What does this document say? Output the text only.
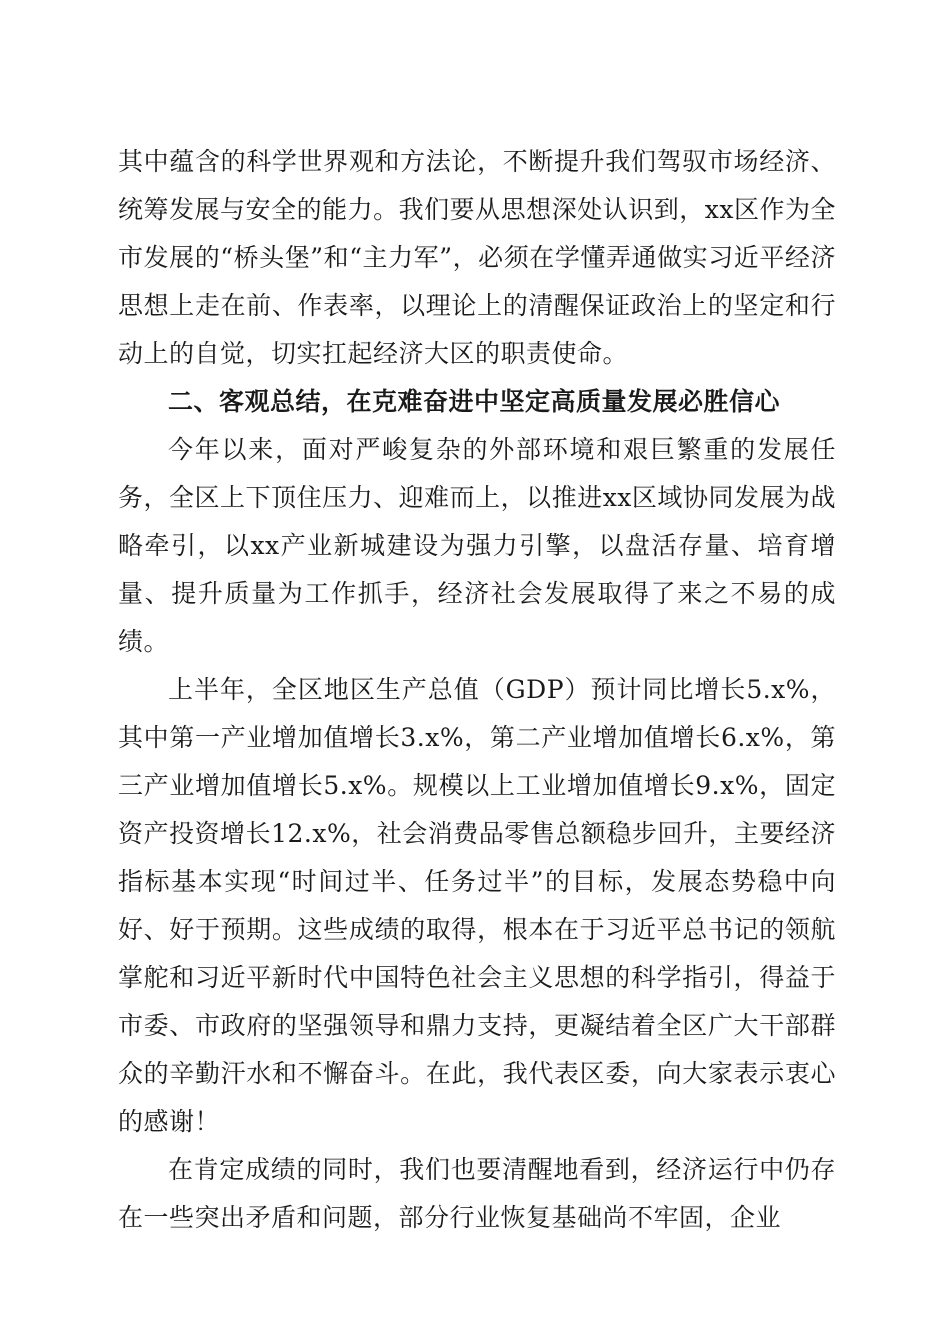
其中蕴含的科学世界观和方法论，不断提升我们驾驭市场经济、统筹发展与安全的能力。我们要从思想深处认识到，xx区作为全市发展的“桥头堡”和“主力军”，必须在学懂弄通做实习近平经济思想上走在前、作表率，以理论上的清醒保证政治上的坚定和行动上的自觉，切实扛起经济大区的职责使命。

二、客观总结，在克难奋进中坚定高质量发展必胜信心

今年以来，面对严峻复杂的外部环境和艰巨繁重的发展任务，全区上下顶住压力、迎难而上，以推进xx区域协同发展为战略牵引，以xx产业新城建设为强力引擎，以盘活存量、培育增量、提升质量为工作抓手，经济社会发展取得了来之不易的成绩。

上半年，全区地区生产总值（GDP）预计同比增长5.x%，其中第一产业增加值增长3.x%，第二产业增加值增长6.x%，第三产业增加值增长5.x%。规模以上工业增加值增长9.x%，固定资产投资增长12.x%，社会消费品零售总额稳步回升，主要经济指标基本实现“时间过半、任务过半”的目标，发展态势稳中向好、好于预期。这些成绩的取得，根本在于习近平总书记的领航掌舵和习近平新时代中国特色社会主义思想的科学指引，得益于市委、市政府的坚强领导和鼎力支持，更凝结着全区广大干部群众的辛勤汗水和不懈奋斗。在此，我代表区委，向大家表示衷心的感谢！

在肯定成绩的同时，我们也要清醒地看到，经济运行中仍存在一些突出矛盾和问题，部分行业恢复基础尚不牢固，企业
